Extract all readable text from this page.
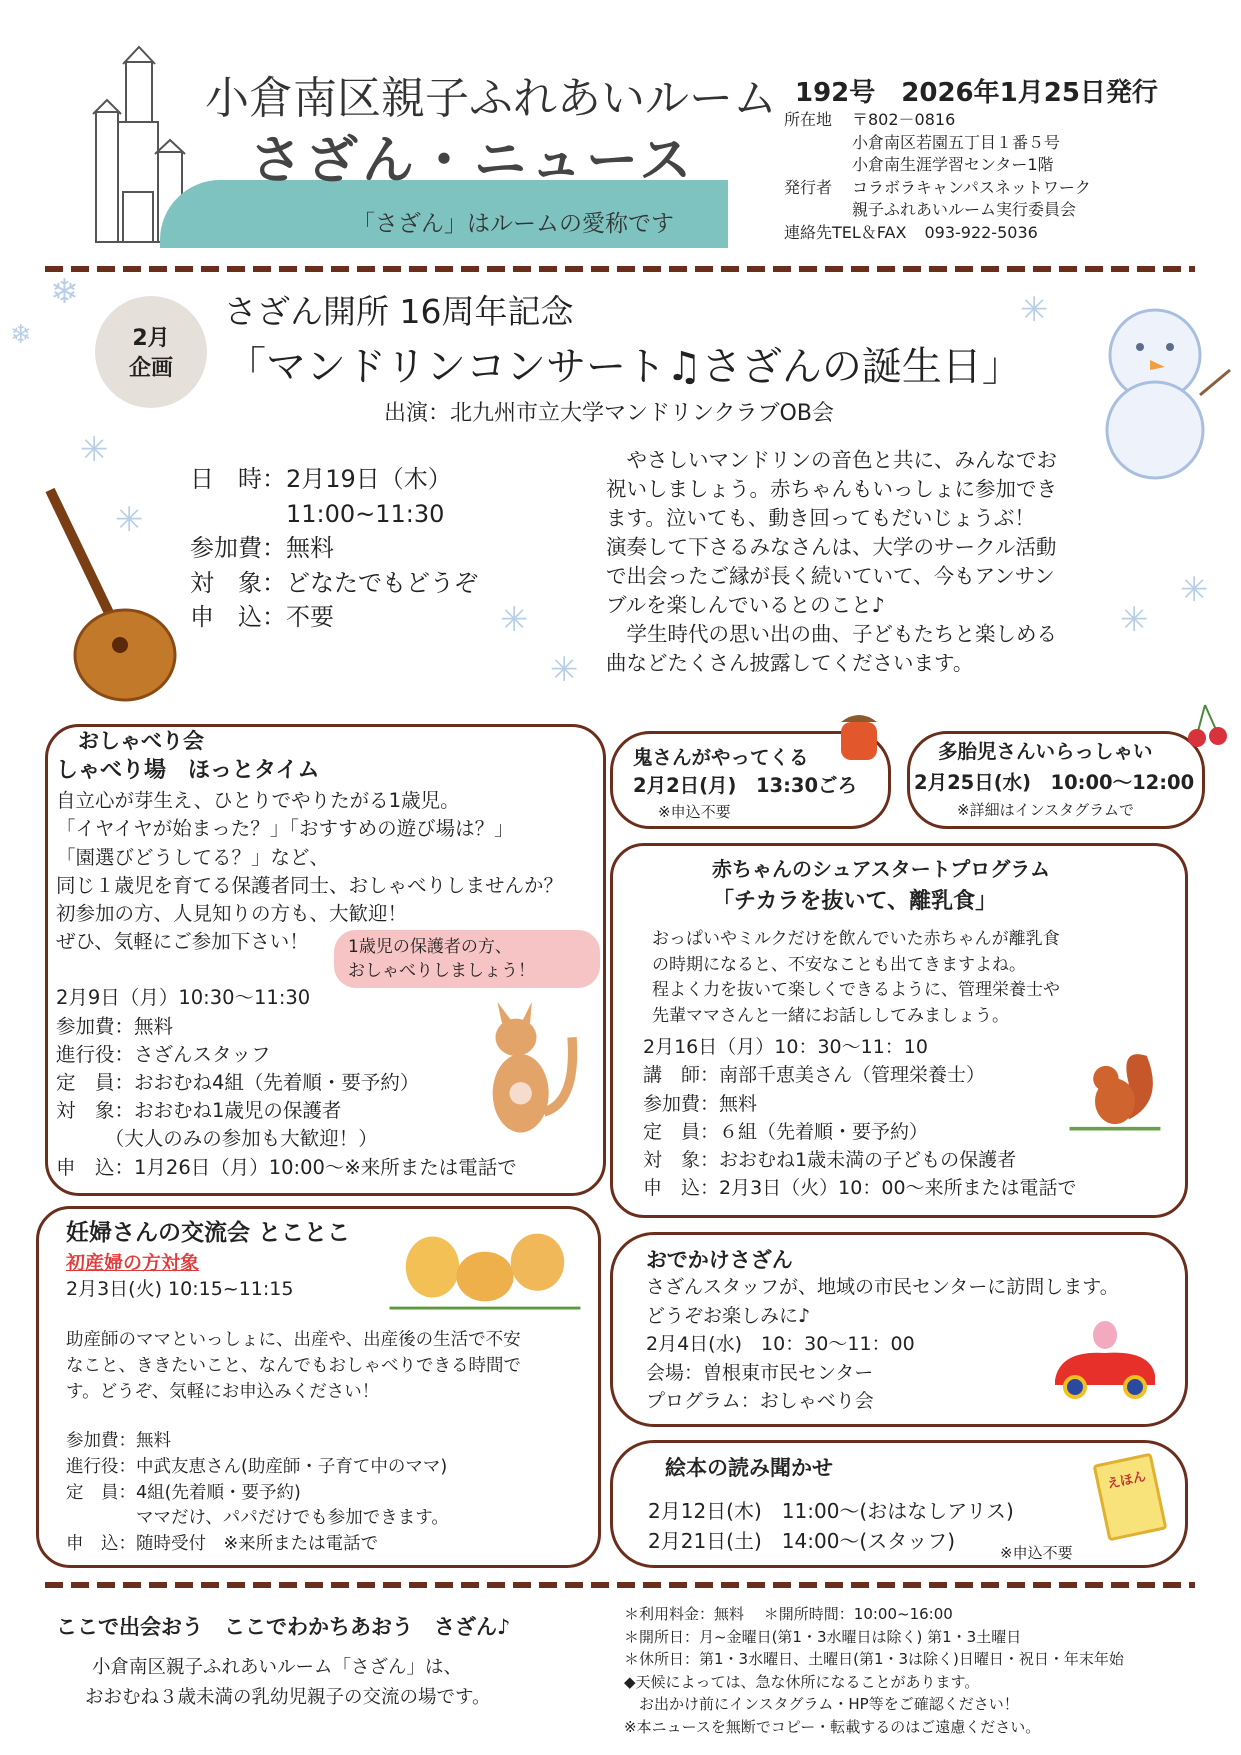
小倉南区親子ふれあいルーム
さざん・ニュース
「さざん」はルームの愛称です
192号　2026年1月25日発行
所在地	〒802－0816
小倉南区若園五丁目１番５号
小倉南生涯学習センター1階
発行者	コラボラキャンパスネットワーク
親子ふれあいルーム実行委員会
連絡先TEL＆FAX 093-922-5036
❄
❄
✳
✳
✳
✳
✳
✳
✳
2月
企画
さざん開所 16周年記念
「マンドリンコンサート♫さざんの誕生日」
出演：北九州市立大学マンドリンクラブOB会
日　時：2月19日（木）
　　　　11:00~11:30
参加費：無料
対　象：どなたでもどうぞ
申　込：不要
　やさしいマンドリンの音色と共に、みんなでお
祝いしましょう。赤ちゃんもいっしょに参加でき
ます。泣いても、動き回ってもだいじょうぶ！
演奏して下さるみなさんは、大学のサークル活動
で出会ったご縁が長く続いていて、今もアンサン
ブルを楽しんでいるとのこと♪
　学生時代の思い出の曲、子どもたちと楽しめる
曲などたくさん披露してくださいます。
おしゃべり会
しゃべり場　ほっとタイム
自立心が芽生え、ひとりでやりたがる1歳児。
「イヤイヤが始まった？」「おすすめの遊び場は？」
「園選びどうしてる？」など、
同じ１歳児を育てる保護者同士、おしゃべりしませんか？
初参加の方、人見知りの方も、大歓迎！
ぜひ、気軽にご参加下さい！
2月9日（月）10:30〜11:30
参加費：無料
進行役：さざんスタッフ
定　員：おおむね4組（先着順・要予約）
対　象：おおむね1歳児の保護者
　　　（大人のみの参加も大歓迎！）
申　込：1月26日（月）10:00〜※来所または電話で
1歳児の保護者の方、
おしゃべりしましょう！
鬼さんがやってくる
2月2日(月)　13:30ごろ
※申込不要
多胎児さんいらっしゃい
2月25日(水)　10:00〜12:00
※詳細はインスタグラムで
赤ちゃんのシュアスタートプログラム
「チカラを抜いて、離乳食」
おっぱいやミルクだけを飲んでいた赤ちゃんが離乳食
の時期になると、不安なことも出てきますよね。
程よく力を抜いて楽しくできるように、管理栄養士や
先輩ママさんと一緒にお話ししてみましょう。
2月16日（月）10：30〜11：10
講　師：南部千恵美さん（管理栄養士）
参加費：無料
定　員：６組（先着順・要予約）
対　象：おおむね1歳未満の子どもの保護者
申　込：2月3日（火）10：00〜来所または電話で
妊婦さんの交流会 とことこ
初産婦の方対象
2月3日(火) 10:15~11:15
助産師のママといっしょに、出産や、出産後の生活で不安
なこと、ききたいこと、なんでもおしゃべりできる時間で
す。どうぞ、気軽にお申込みください！
参加費：無料
進行役：中武友恵さん(助産師・子育て中のママ)
定　員：4組(先着順・要予約)
　　　　ママだけ、パパだけでも参加できます。
申　込：随時受付　※来所または電話で
おでかけさざん
さざんスタッフが、地域の市民センターに訪問します。
どうぞお楽しみに♪
2月4日(水)　10：30〜11：00
会場：曽根東市民センター
プログラム：おしゃべり会
絵本の読み聞かせ
2月12日(木)　11:00〜(おはなしアリス)
2月21日(土)　14:00〜(スタッフ)	※申込不要
えほん
ここで出会おう　ここでわかちあおう　さざん♪
小倉南区親子ふれあいルーム「さざん」は、
おおむね３歳未満の乳幼児親子の交流の場です。
＊利用料金：無料　 ＊開所時間：10:00~16:00
＊開所日：月~金曜日(第1・3水曜日は除く) 第1・3土曜日
＊休所日：第1・3水曜日、土曜日(第1・3は除く)日曜日・祝日・年末年始
◆天候によっては、急な休所になることがあります。
　お出かけ前にインスタグラム・HP等をご確認ください！
※本ニュースを無断でコピー・転載するのはご遠慮ください。
